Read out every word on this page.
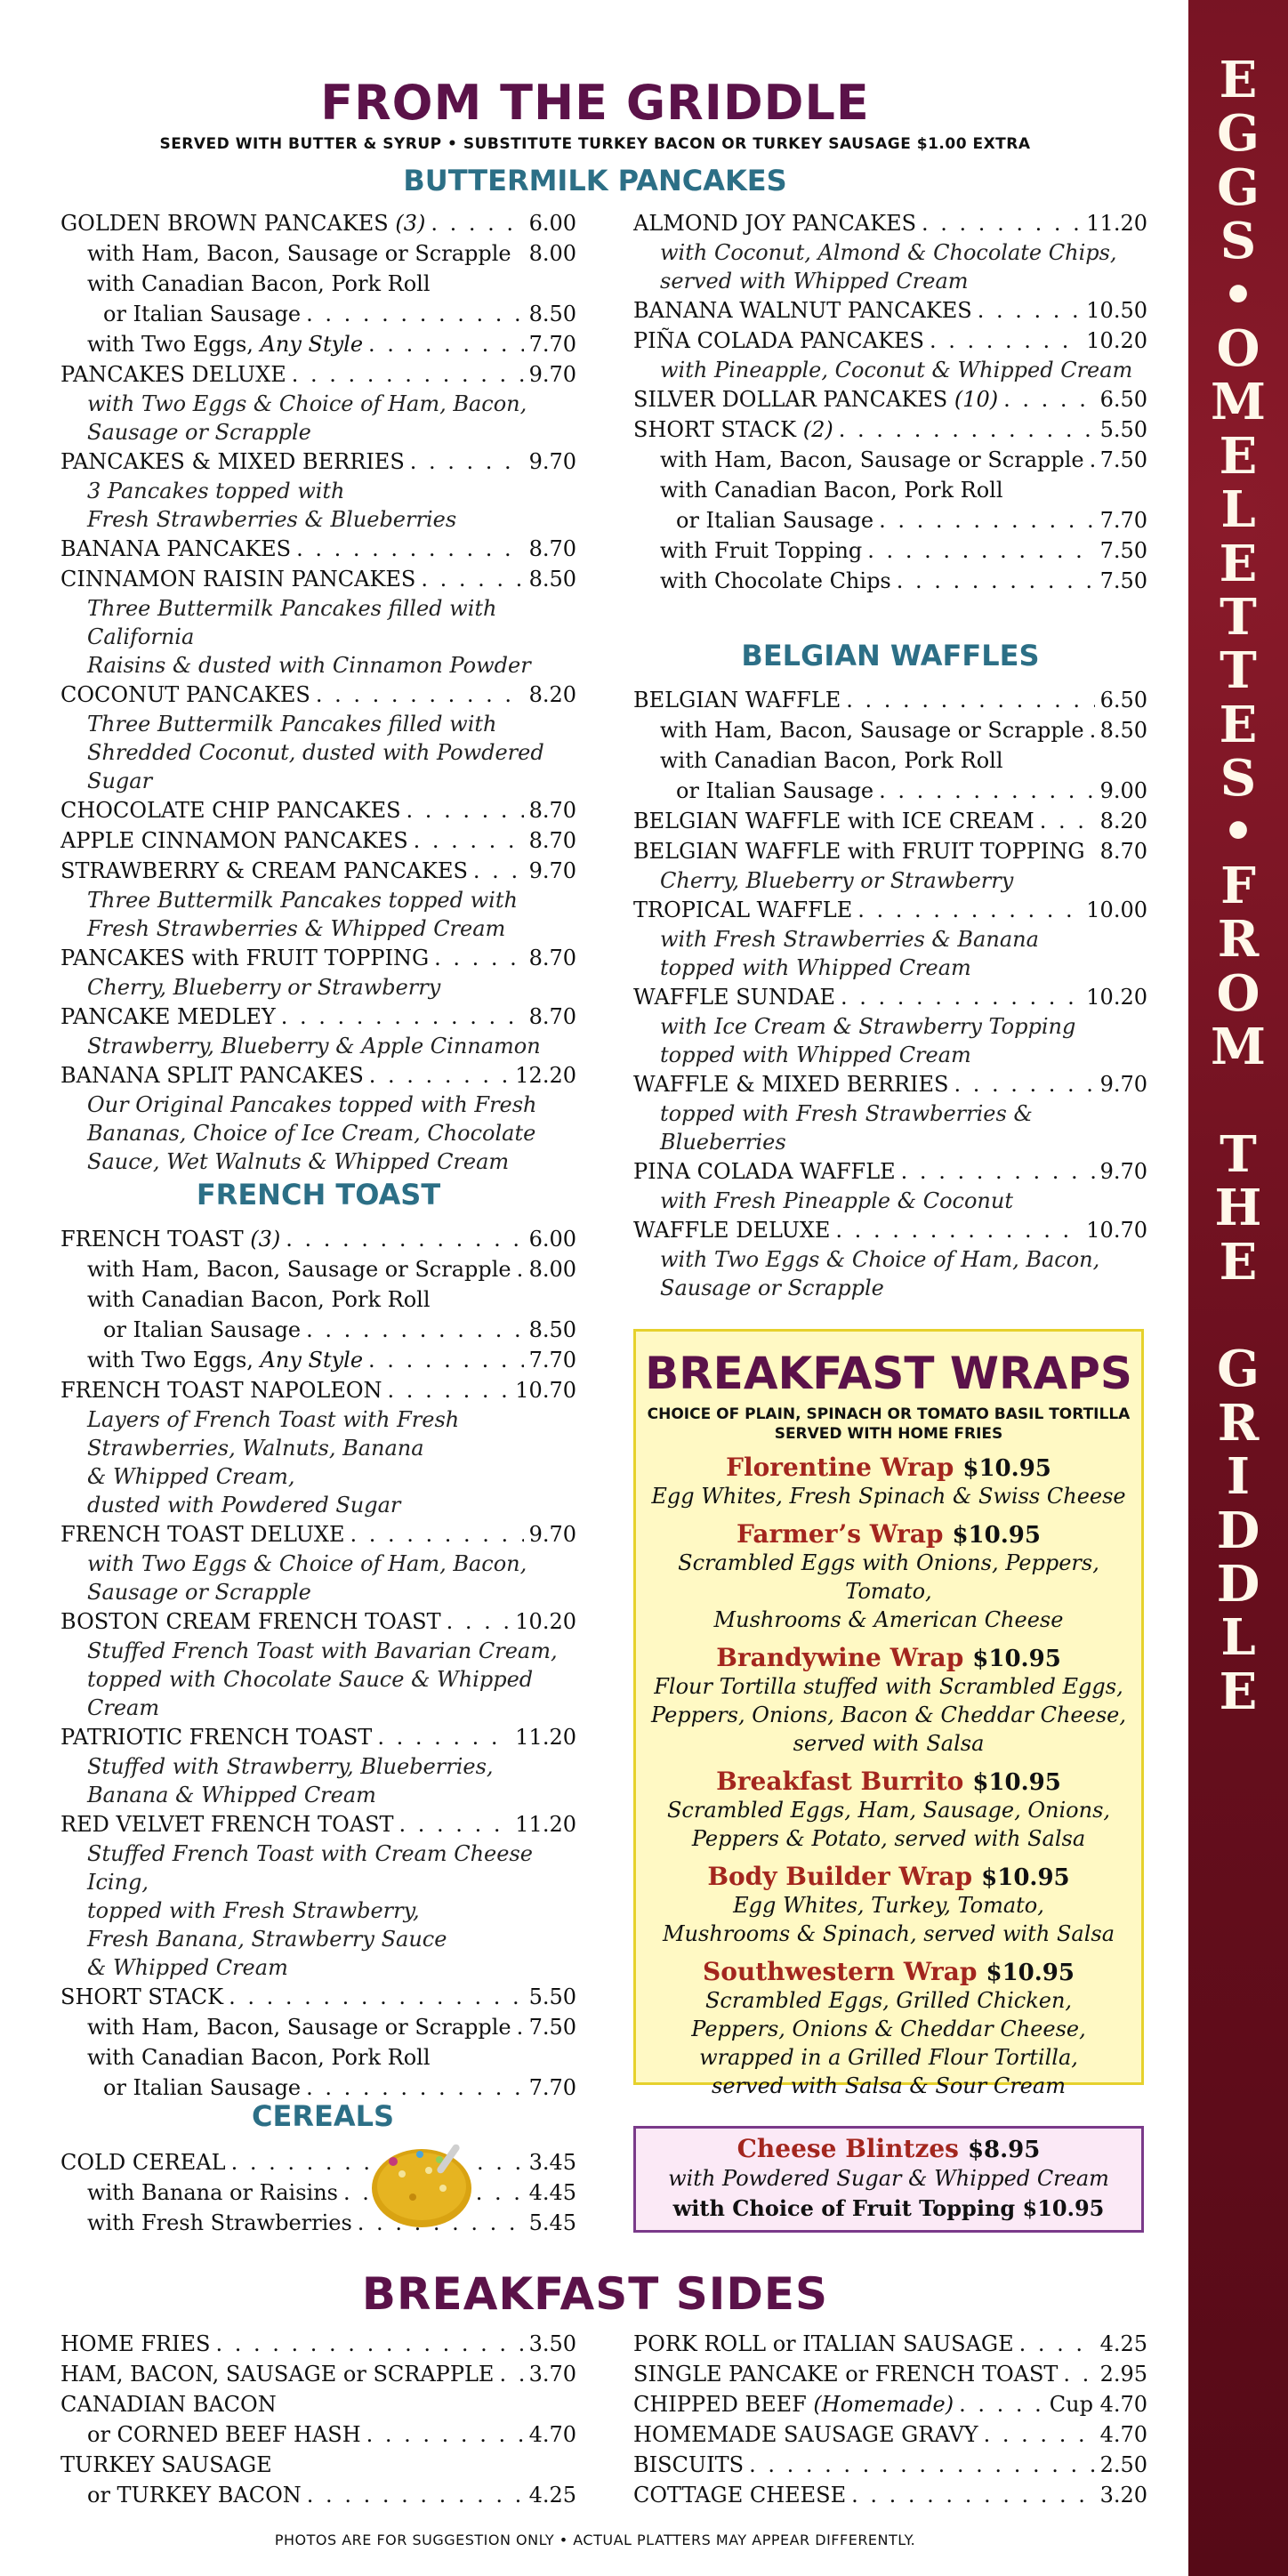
E
G
G
S
•
O
M
E
L
E
T
T
E
S
•
F
R
O
M
T
H
E
G
R
I
D
D
L
E
FROM THE GRIDDLE
SERVED WITH BUTTER & SYRUP • SUBSTITUTE TURKEY BACON OR TURKEY SAUSAGE $1.00 EXTRA
BUTTERMILK PANCAKES
GOLDEN BROWN PANCAKES (3) . . .	6.00
with Ham, Bacon, Sausage or Scrapple 8.00
with Canadian Bacon, Pork Roll
or Italian Sausage . . .	8.50
with Two Eggs, Any Style . . .	7.70
PANCAKES DELUXE . . .	9.70
with Two Eggs & Choice of Ham, Bacon,
Sausage or Scrapple
PANCAKES & MIXED BERRIES . . .	9.70
3 Pancakes topped with
Fresh Strawberries & Blueberries
BANANA PANCAKES . . .	8.70
CINNAMON RAISIN PANCAKES . . .	8.50
Three Buttermilk Pancakes filled with California
Raisins & dusted with Cinnamon Powder
COCONUT PANCAKES . . .	8.20
Three Buttermilk Pancakes filled with
Shredded Coconut, dusted with Powdered Sugar
CHOCOLATE CHIP PANCAKES . . .	8.70
APPLE CINNAMON PANCAKES . . .	8.70
STRAWBERRY & CREAM PANCAKES . . .	9.70
Three Buttermilk Pancakes topped with
Fresh Strawberries & Whipped Cream
PANCAKES with FRUIT TOPPING . . .	8.70
Cherry, Blueberry or Strawberry
PANCAKE MEDLEY . . .	8.70
Strawberry, Blueberry & Apple Cinnamon
BANANA SPLIT PANCAKES . . .	12.20
Our Original Pancakes topped with Fresh
Bananas, Choice of Ice Cream, Chocolate
Sauce, Wet Walnuts & Whipped Cream
ALMOND JOY PANCAKES . . .	11.20
with Coconut, Almond & Chocolate Chips,
served with Whipped Cream
BANANA WALNUT PANCAKES . . .	10.50
PIÑA COLADA PANCAKES . . .	10.20
with Pineapple, Coconut & Whipped Cream
SILVER DOLLAR PANCAKES (10) . . .	6.50
SHORT STACK (2) . . .	5.50
with Ham, Bacon, Sausage or Scrapple . . . 7.50
with Canadian Bacon, Pork Roll
or Italian Sausage . . .	7.70
with Fruit Topping . . .	7.50
with Chocolate Chips . . .	7.50
BELGIAN WAFFLES
BELGIAN WAFFLE . . .	6.50
with Ham, Bacon, Sausage or Scrapple . . . 8.50
with Canadian Bacon, Pork Roll
or Italian Sausage . . .	9.00
BELGIAN WAFFLE with ICE CREAM . . .	8.20
BELGIAN WAFFLE with FRUIT TOPPING 8.70
Cherry, Blueberry or Strawberry
TROPICAL WAFFLE . . .	10.00
with Fresh Strawberries & Banana
topped with Whipped Cream
WAFFLE SUNDAE . . .	10.20
with Ice Cream & Strawberry Topping
topped with Whipped Cream
WAFFLE & MIXED BERRIES . . .	9.70
topped with Fresh Strawberries & Blueberries
PINA COLADA WAFFLE . . .	9.70
with Fresh Pineapple & Coconut
WAFFLE DELUXE . . .	10.70
with Two Eggs & Choice of Ham, Bacon,
Sausage or Scrapple
FRENCH TOAST
FRENCH TOAST (3) . . .	6.00
with Ham, Bacon, Sausage or Scrapple . . . 8.00
with Canadian Bacon, Pork Roll
or Italian Sausage . . .	8.50
with Two Eggs, Any Style . . .	7.70
FRENCH TOAST NAPOLEON . . .	10.70
Layers of French Toast with Fresh
Strawberries, Walnuts, Banana
& Whipped Cream,
dusted with Powdered Sugar
FRENCH TOAST DELUXE . . .	9.70
with Two Eggs & Choice of Ham, Bacon,
Sausage or Scrapple
BOSTON CREAM FRENCH TOAST . . .	10.20
Stuffed French Toast with Bavarian Cream,
topped with Chocolate Sauce & Whipped Cream
PATRIOTIC FRENCH TOAST . . .	11.20
Stuffed with Strawberry, Blueberries,
Banana & Whipped Cream
RED VELVET FRENCH TOAST . . .	11.20
Stuffed French Toast with Cream Cheese Icing,
topped with Fresh Strawberry,
Fresh Banana, Strawberry Sauce
& Whipped Cream
SHORT STACK . . .	5.50
with Ham, Bacon, Sausage or Scrapple . . . 7.50
with Canadian Bacon, Pork Roll
or Italian Sausage . . .	7.70
CEREALS
COLD CEREAL . . .	3.45
with Banana or Raisins . . .	4.45
with Fresh Strawberries . . .	5.45
BREAKFAST WRAPS
CHOICE OF PLAIN, SPINACH OR TOMATO BASIL TORTILLA
SERVED WITH HOME FRIES
Florentine Wrap $10.95
Egg Whites, Fresh Spinach & Swiss Cheese
Farmer’s Wrap $10.95
Scrambled Eggs with Onions, Peppers, Tomato,
Mushrooms & American Cheese
Brandywine Wrap $10.95
Flour Tortilla stuffed with Scrambled Eggs,
Peppers, Onions, Bacon & Cheddar Cheese,
served with Salsa
Breakfast Burrito $10.95
Scrambled Eggs, Ham, Sausage, Onions,
Peppers & Potato, served with Salsa
Body Builder Wrap $10.95
Egg Whites, Turkey, Tomato,
Mushrooms & Spinach, served with Salsa
Southwestern Wrap $10.95
Scrambled Eggs, Grilled Chicken,
Peppers, Onions & Cheddar Cheese,
wrapped in a Grilled Flour Tortilla,
served with Salsa & Sour Cream
Cheese Blintzes $8.95
with Powdered Sugar & Whipped Cream
with Choice of Fruit Topping $10.95
BREAKFAST SIDES
HOME FRIES . . .	3.50
HAM, BACON, SAUSAGE or SCRAPPLE . . . 3.70
CANADIAN BACON
or CORNED BEEF HASH . . .	4.70
TURKEY SAUSAGE
or TURKEY BACON . . .	4.25
PORK ROLL or ITALIAN SAUSAGE . . .	4.25
SINGLE PANCAKE or FRENCH TOAST . . . 2.95
CHIPPED BEEF (Homemade) . . .	Cup 4.70
HOMEMADE SAUSAGE GRAVY . . .	4.70
BISCUITS . . .	2.50
COTTAGE CHEESE . . .	3.20
PHOTOS ARE FOR SUGGESTION ONLY • ACTUAL PLATTERS MAY APPEAR DIFFERENTLY.
